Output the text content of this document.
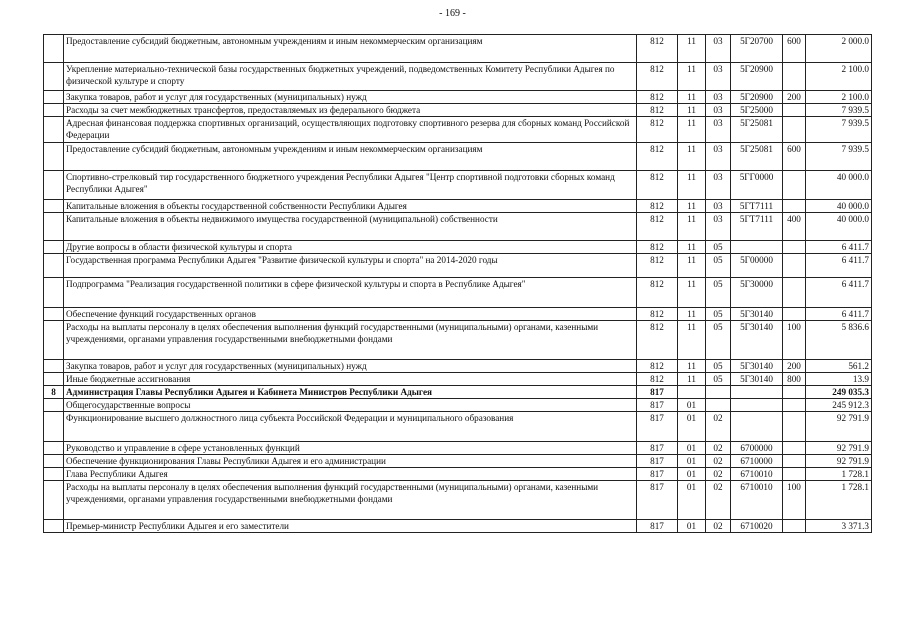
- 169 -
	Предоставление субсидий бюджетным, автономным учреждениям и иным некоммерческим организациям	812	11	03	5Г20700	600	2 000.0
	Укрепление материально-технической базы государственных бюджетных учреждений, подведомственных Комитету Республики Адыгея по физической культуре и спорту	812	11	03	5Г20900		2 100.0
	Закупка товаров, работ и услуг для государственных (муниципальных) нужд	812	11	03	5Г20900	200	2 100.0
	Расходы за счет межбюджетных трансфертов, предоставляемых из федерального бюджета	812	11	03	5Г25000		7 939.5
	Адресная финансовая поддержка спортивных организаций, осуществляющих подготовку спортивного резерва для сборных команд Российской Федерации	812	11	03	5Г25081		7 939.5
	Предоставление субсидий бюджетным, автономным учреждениям и иным некоммерческим организациям	812	11	03	5Г25081	600	7 939.5
	Спортивно-стрелковый тир государственного бюджетного учреждения Республики Адыгея "Центр спортивной подготовки сборных команд Республики Адыгея"	812	11	03	5ГГ0000		40 000.0
	Капитальные вложения в объекты государственной собственности Республики Адыгея	812	11	03	5ГТ7111		40 000.0
	Капитальные вложения в объекты недвижимого имущества государственной (муниципальной) собственности	812	11	03	5ГТ7111	400	40 000.0
	Другие вопросы в области физической культуры и спорта	812	11	05			6 411.7
	Государственная программа Республики Адыгея "Развитие физической культуры и спорта" на 2014-2020 годы	812	11	05	5Г00000		6 411.7
	Подпрограмма "Реализация государственной политики в сфере физической культуры и спорта в Республике Адыгея"	812	11	05	5Г30000		6 411.7
	Обеспечение функций государственных органов	812	11	05	5Г30140		6 411.7
	Расходы на выплаты персоналу в целях обеспечения выполнения функций государственными (муниципальными) органами, казенными учреждениями, органами управления государственными внебюджетными фондами	812	11	05	5Г30140	100	5 836.6
	Закупка товаров, работ и услуг для государственных (муниципальных) нужд	812	11	05	5Г30140	200	561.2
	Иные бюджетные ассигнования	812	11	05	5Г30140	800	13.9
8	Администрация Главы Республики Адыгея и Кабинета Министров Республики Адыгея	817					249 035.3
	Общегосударственные вопросы	817	01				245 912.3
	Функционирование высшего должностного лица субъекта Российской Федерации и муниципального образования	817	01	02			92 791.9
	Руководство и управление в сфере установленных функций	817	01	02	6700000		92 791.9
	Обеспечение функционирования Главы Республики Адыгея и его администрации	817	01	02	6710000		92 791.9
	Глава Республики Адыгея	817	01	02	6710010		1 728.1
	Расходы на выплаты персоналу в целях обеспечения выполнения функций государственными (муниципальными) органами, казенными учреждениями, органами управления государственными внебюджетными фондами	817	01	02	6710010	100	1 728.1
	Премьер-министр Республики Адыгея и его заместители	817	01	02	6710020		3 371.3
